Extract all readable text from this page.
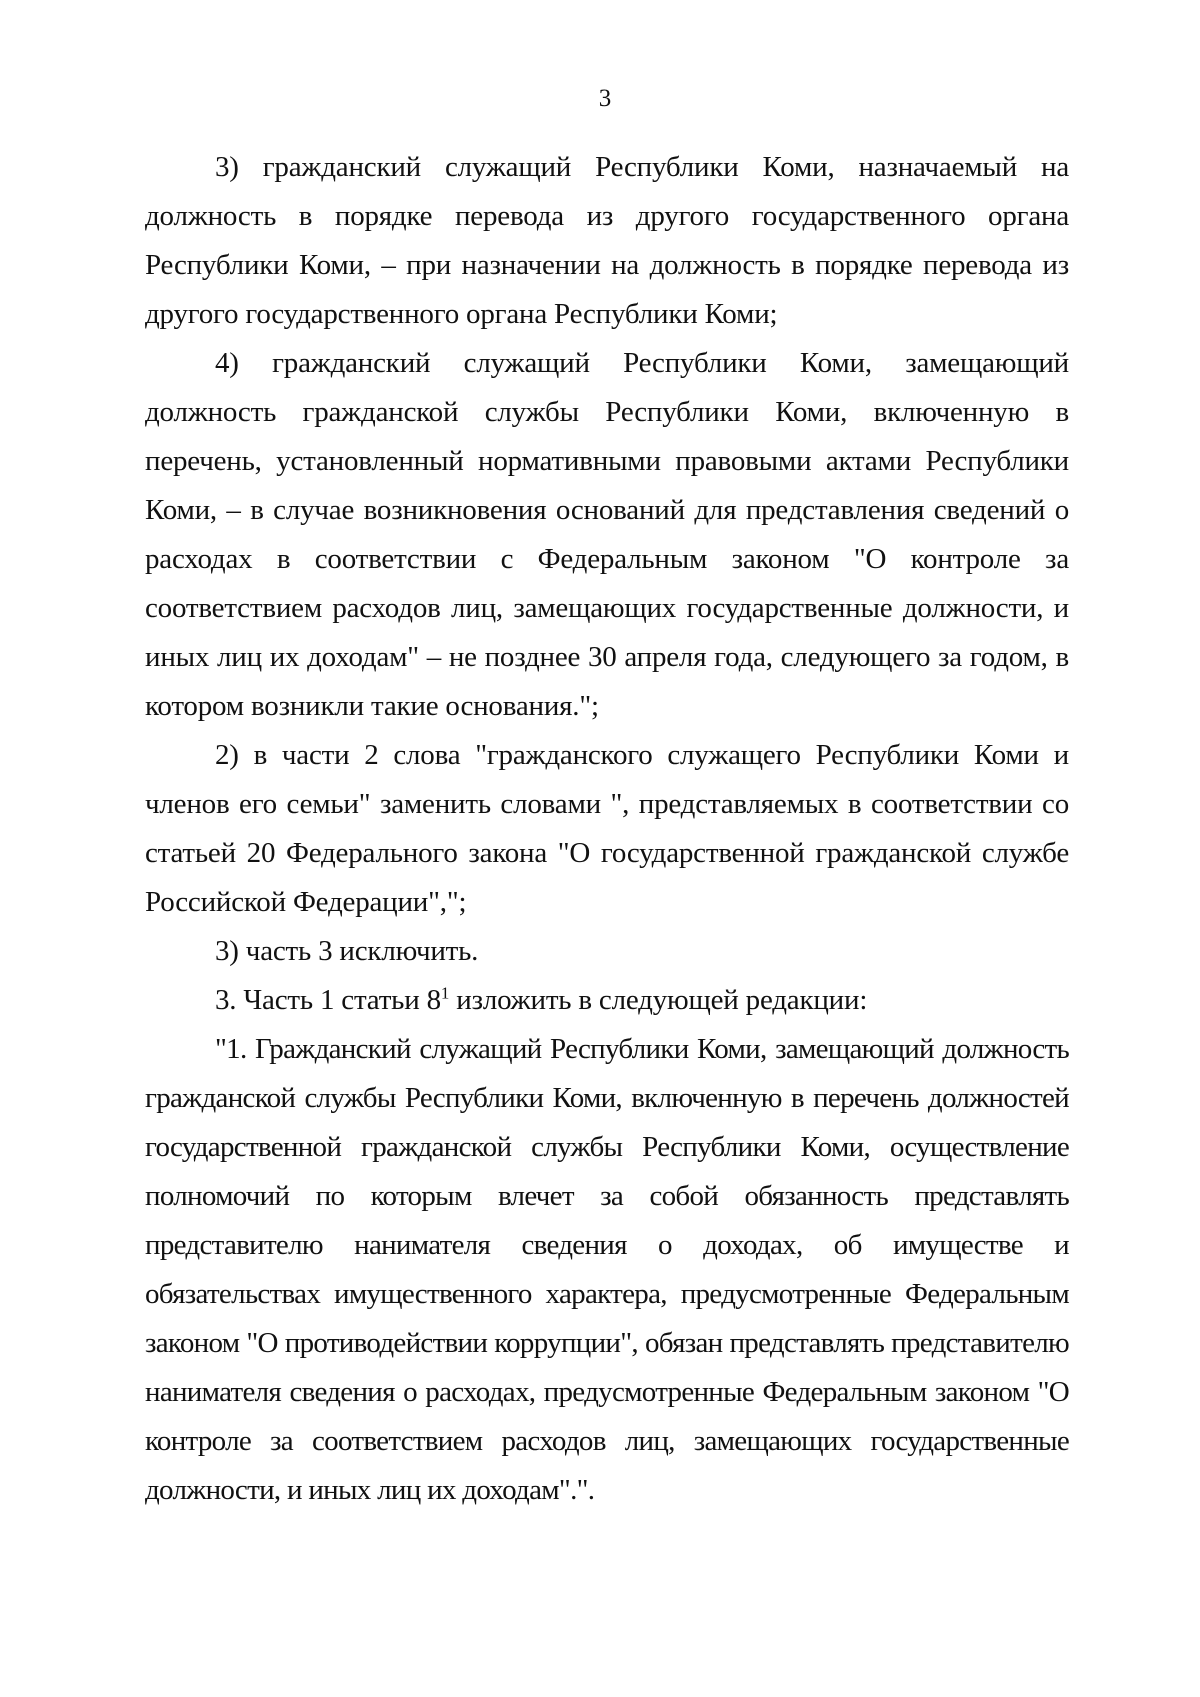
3

3) гражданский служащий Республики Коми, назначаемый на должность в порядке перевода из другого государственного органа Республики Коми, – при назначении на должность в порядке перевода из другого государственного органа Республики Коми;

4) гражданский служащий Республики Коми, замещающий должность гражданской службы Республики Коми, включенную в перечень, установленный нормативными правовыми актами Республики Коми, – в случае возникновения оснований для представления сведений о расходах в соответствии с Федеральным законом "О контроле за соответствием расходов лиц, замещающих государственные должности, и иных лиц их доходам" – не позднее 30 апреля года, следующего за годом, в котором возникли такие основания.";

2) в части 2 слова "гражданского служащего Республики Коми и членов его семьи" заменить словами ", представляемых в соответствии со статьей 20 Федерального закона "О государственной гражданской службе Российской Федерации",";

3) часть 3 исключить.

3. Часть 1 статьи $8^1$ изложить в следующей редакции:

"1. Гражданский служащий Республики Коми, замещающий должность гражданской службы Республики Коми, включенную в перечень должностей государственной гражданской службы Республики Коми, осуществление полномочий по которым влечет за собой обязанность представлять представителю нанимателя сведения о доходах, об имуществе и обязательствах имущественного характера, предусмотренные Федеральным законом "О противодействии коррупции", обязан представлять представителю нанимателя сведения о расходах, предусмотренные Федеральным законом "О контроле за соответствием расходов лиц, замещающих государственные должности, и иных лиц их доходам".".
